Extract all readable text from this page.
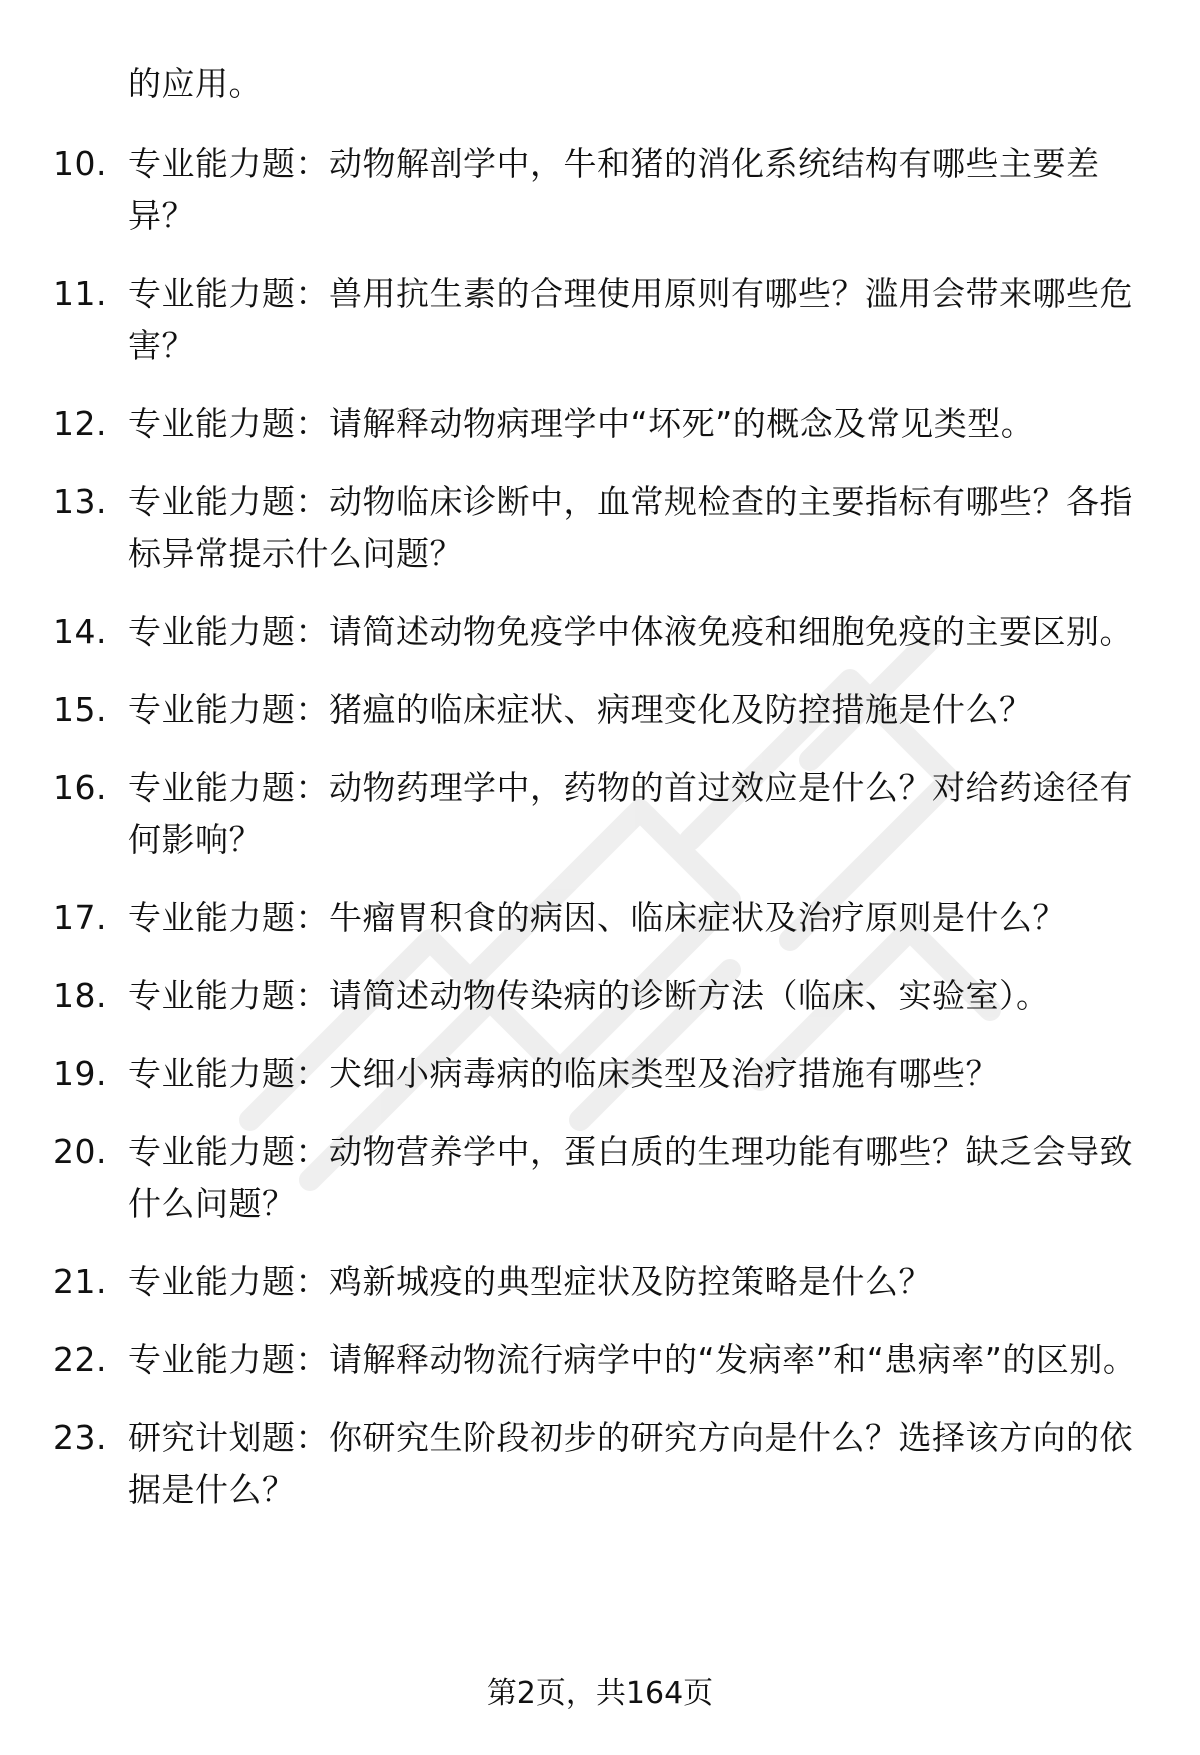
的应用。
10. 专业能力题：动物解剖学中，牛和猪的消化系统结构有哪些主要差异？
11. 专业能力题：兽用抗生素的合理使用原则有哪些？滥用会带来哪些危害？
12. 专业能力题：请解释动物病理学中“坏死”的概念及常见类型。
13. 专业能力题：动物临床诊断中，血常规检查的主要指标有哪些？各指标异常提示什么问题？
14. 专业能力题：请简述动物免疫学中体液免疫和细胞免疫的主要区别。
15. 专业能力题：猪瘟的临床症状、病理变化及防控措施是什么？
16. 专业能力题：动物药理学中，药物的首过效应是什么？对给药途径有何影响？
17. 专业能力题：牛瘤胃积食的病因、临床症状及治疗原则是什么？
18. 专业能力题：请简述动物传染病的诊断方法（临床、实验室）。
19. 专业能力题：犬细小病毒病的临床类型及治疗措施有哪些？
20. 专业能力题：动物营养学中，蛋白质的生理功能有哪些？缺乏会导致什么问题？
21. 专业能力题：鸡新城疫的典型症状及防控策略是什么？
22. 专业能力题：请解释动物流行病学中的“发病率”和“患病率”的区别。
23. 研究计划题：你研究生阶段初步的研究方向是什么？选择该方向的依据是什么？
第2页，共164页
